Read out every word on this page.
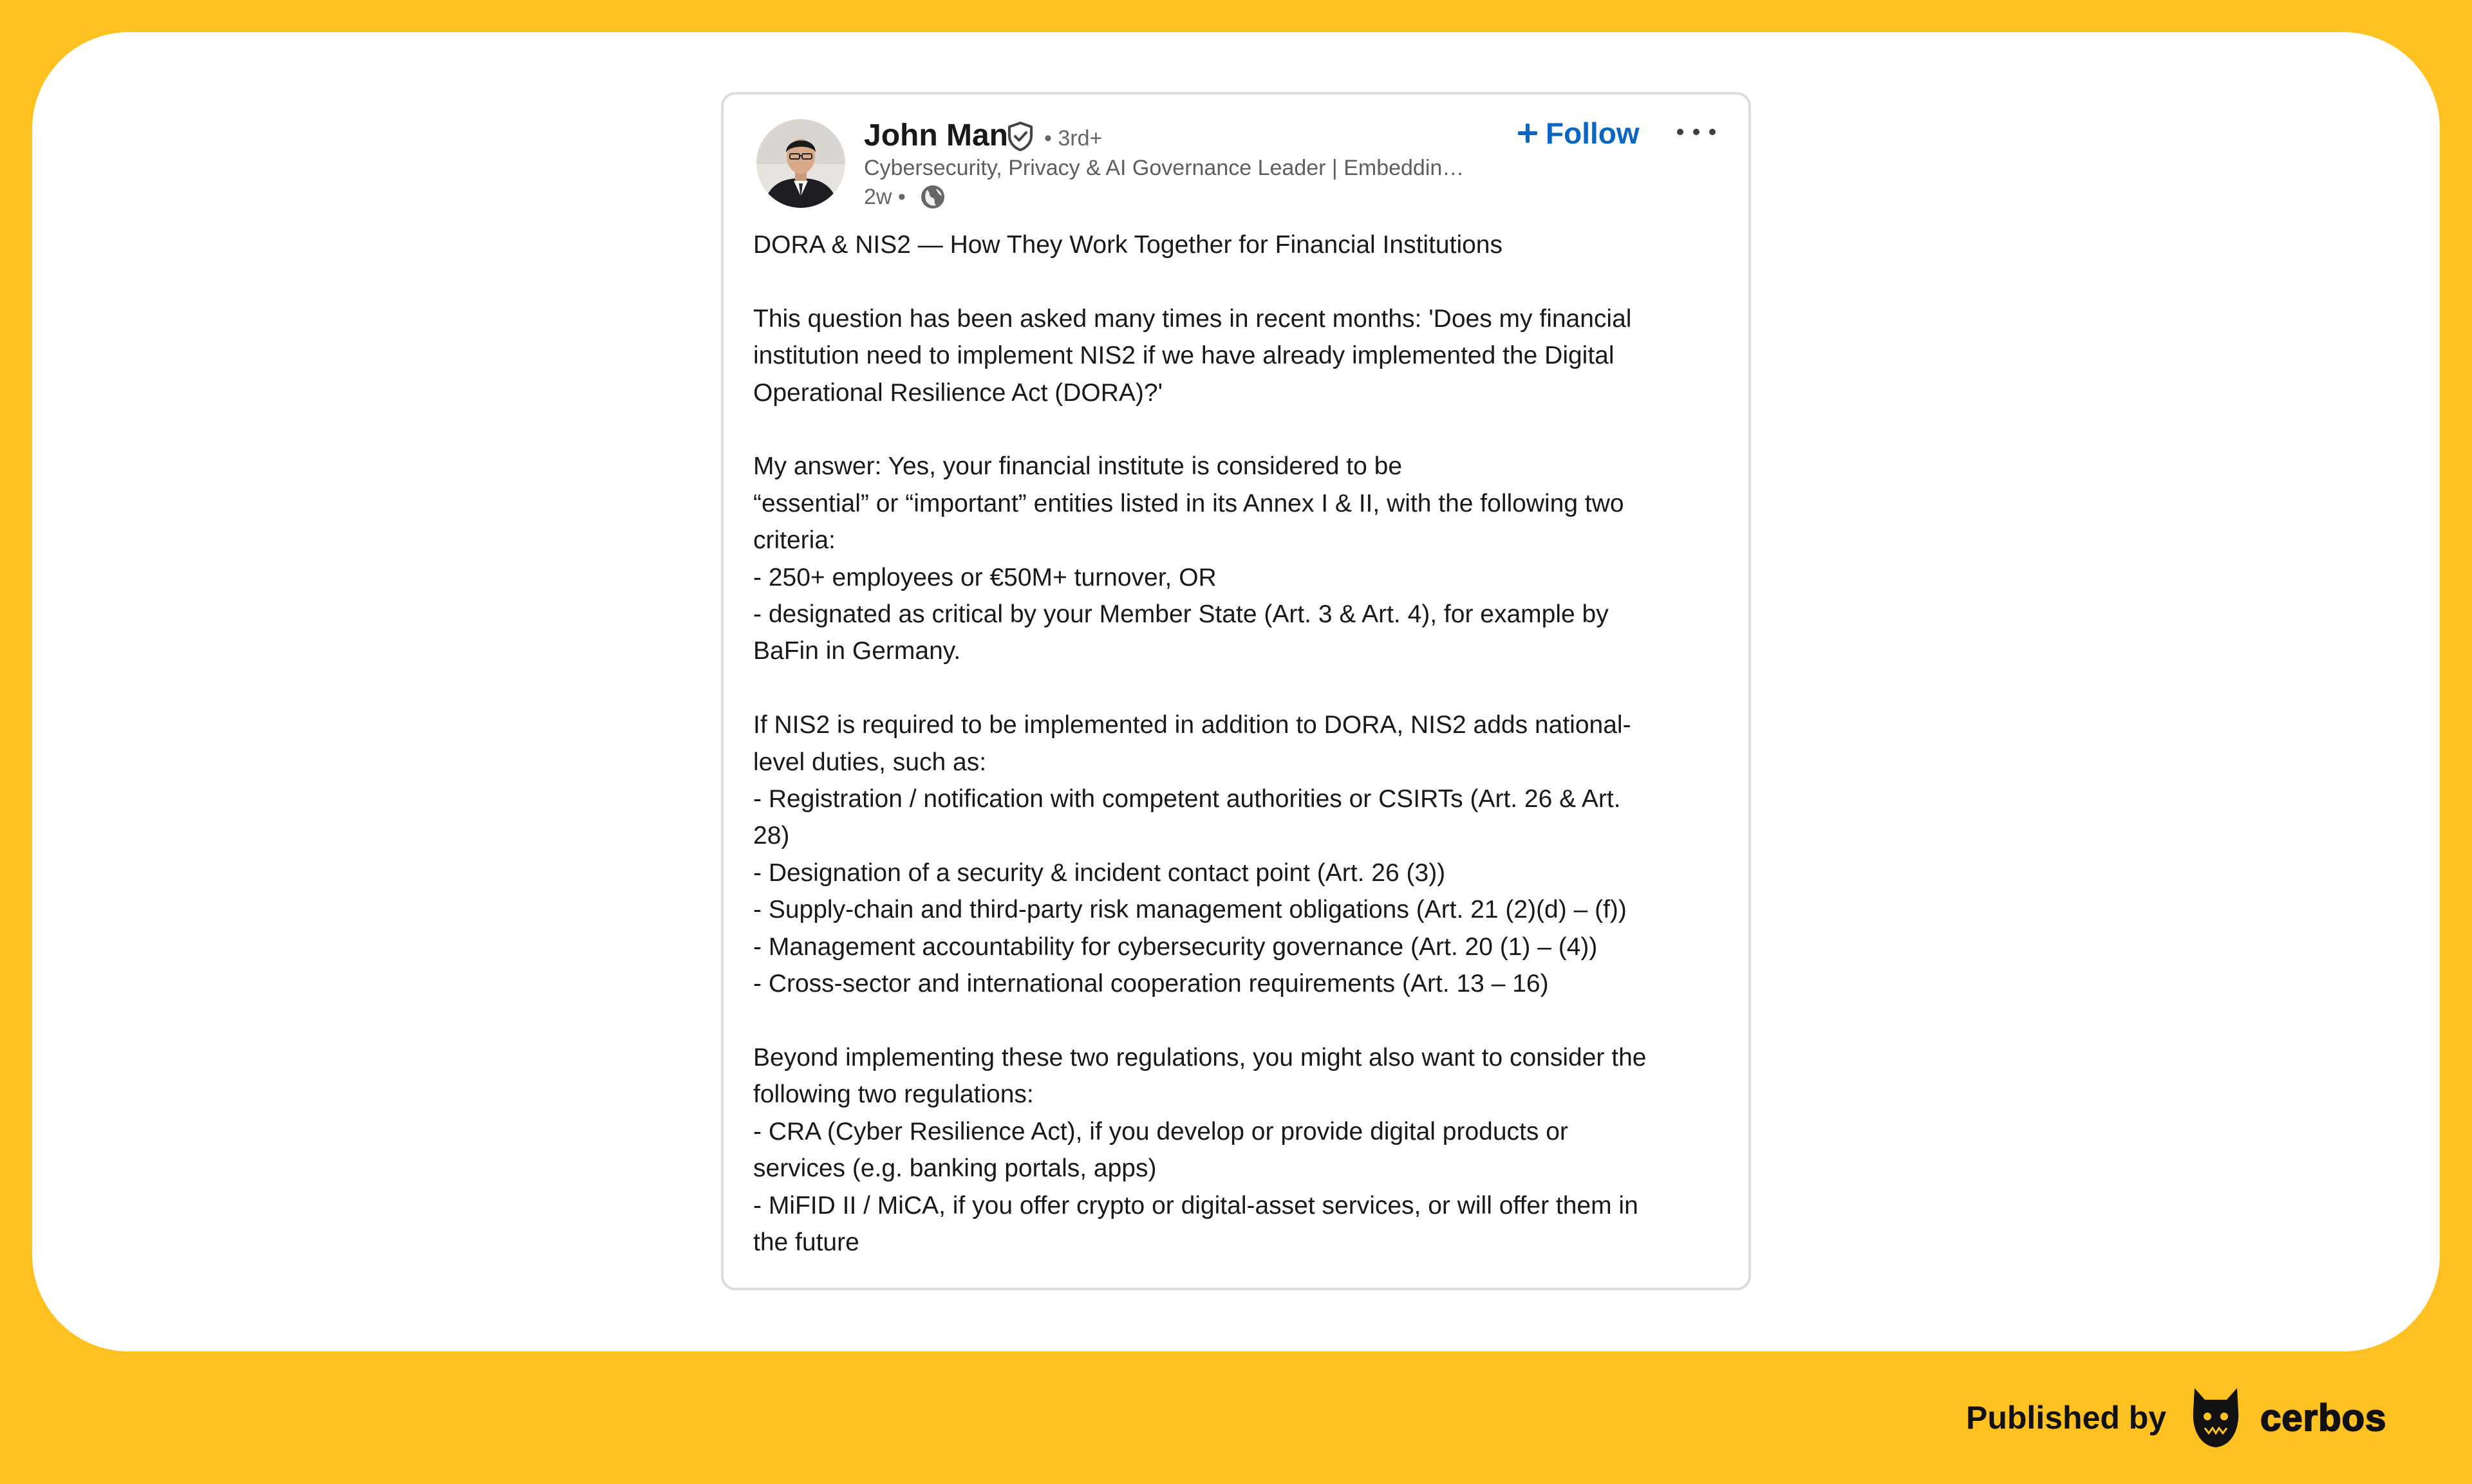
John Man • 3rd+
Cybersecurity, Privacy & AI Governance Leader | Embeddin…
2w •
Follow
DORA & NIS2 — How They Work Together for Financial Institutions
This question has been asked many times in recent months: 'Does my financial
institution need to implement NIS2 if we have already implemented the Digital
Operational Resilience Act (DORA)?'
My answer: Yes, your financial institute is considered to be
“essential” or “important” entities listed in its Annex I & II, with the following two
criteria:
- 250+ employees or €50M+ turnover, OR
- designated as critical by your Member State (Art. 3 & Art. 4), for example by
BaFin in Germany.
If NIS2 is required to be implemented in addition to DORA, NIS2 adds national-
level duties, such as:
- Registration / notification with competent authorities or CSIRTs (Art. 26 & Art.
28)
- Designation of a security & incident contact point (Art. 26 (3))
- Supply-chain and third-party risk management obligations (Art. 21 (2)(d) – (f))
- Management accountability for cybersecurity governance (Art. 20 (1) – (4))
- Cross-sector and international cooperation requirements (Art. 13 – 16)
Beyond implementing these two regulations, you might also want to consider the
following two regulations:
- CRA (Cyber Resilience Act), if you develop or provide digital products or
services (e.g. banking portals, apps)
- MiFID II / MiCA, if you offer crypto or digital-asset services, or will offer them in
the future
Published by	cerbos
